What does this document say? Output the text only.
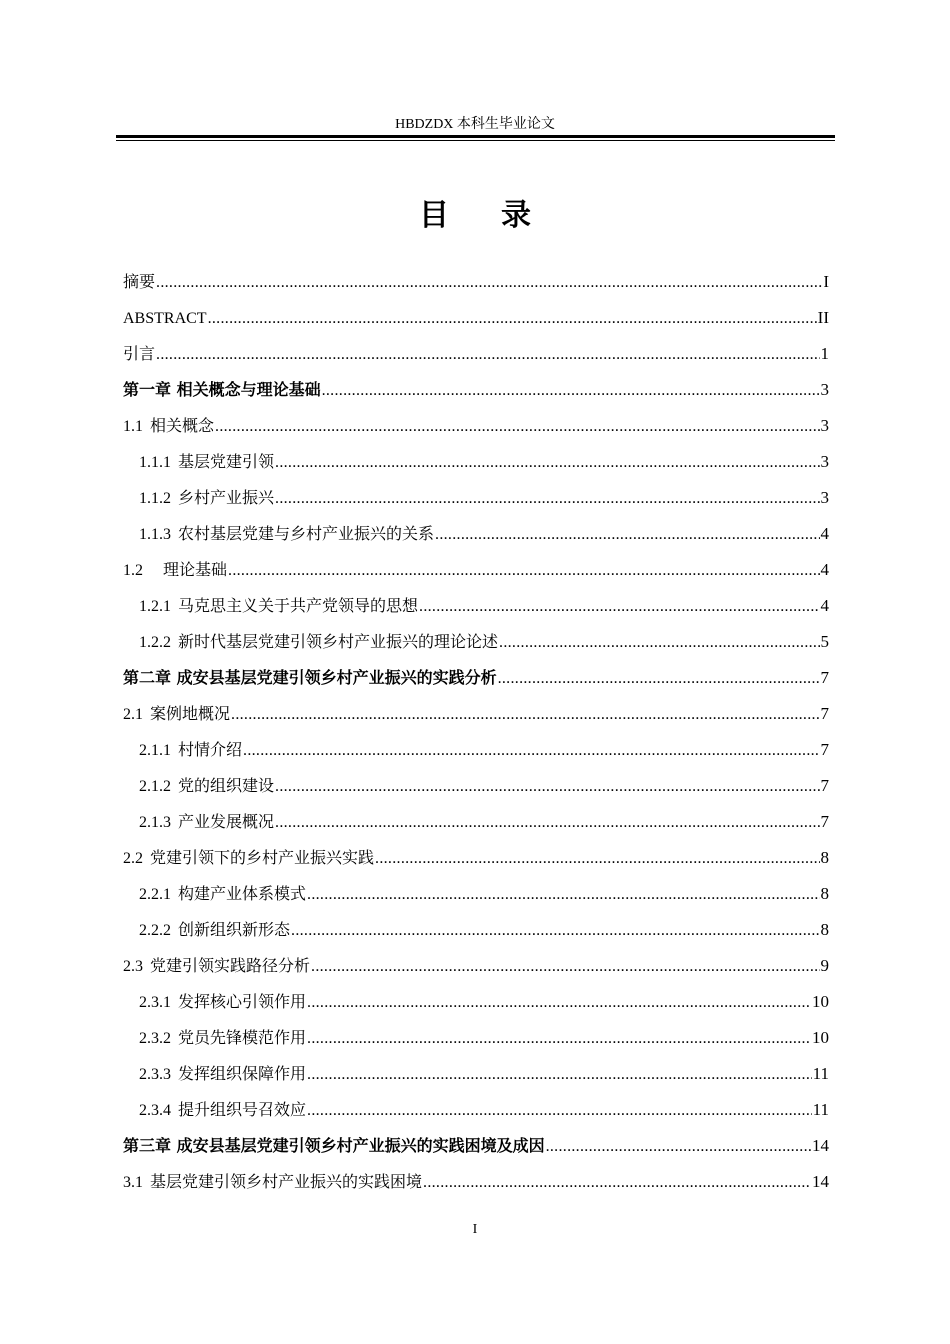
HBDZDX 本科生毕业论文
目录
摘要 .....	I
ABSTRACT .....	II
引言 .....	1
第一章 相关概念与理论基础 .....	3
1.1 相关概念 .....	3
1.1.1 基层党建引领 .....	3
1.1.2 乡村产业振兴 .....	3
1.1.3 农村基层党建与乡村产业振兴的关系 .....	4
1.2 理论基础 .....	4
1.2.1 马克思主义关于共产党领导的思想 .....	4
1.2.2 新时代基层党建引领乡村产业振兴的理论论述 .....	5
第二章 成安县基层党建引领乡村产业振兴的实践分析 .....	7
2.1 案例地概况 .....	7
2.1.1 村情介绍 .....	7
2.1.2 党的组织建设 .....	7
2.1.3 产业发展概况 .....	7
2.2 党建引领下的乡村产业振兴实践 .....	8
2.2.1 构建产业体系模式 .....	8
2.2.2 创新组织新形态 .....	8
2.3 党建引领实践路径分析 .....	9
2.3.1 发挥核心引领作用 .....	10
2.3.2 党员先锋模范作用 .....	10
2.3.3 发挥组织保障作用 .....	11
2.3.4 提升组织号召效应 .....	11
第三章 成安县基层党建引领乡村产业振兴的实践困境及成因 .....	14
3.1 基层党建引领乡村产业振兴的实践困境 .....	14
I
